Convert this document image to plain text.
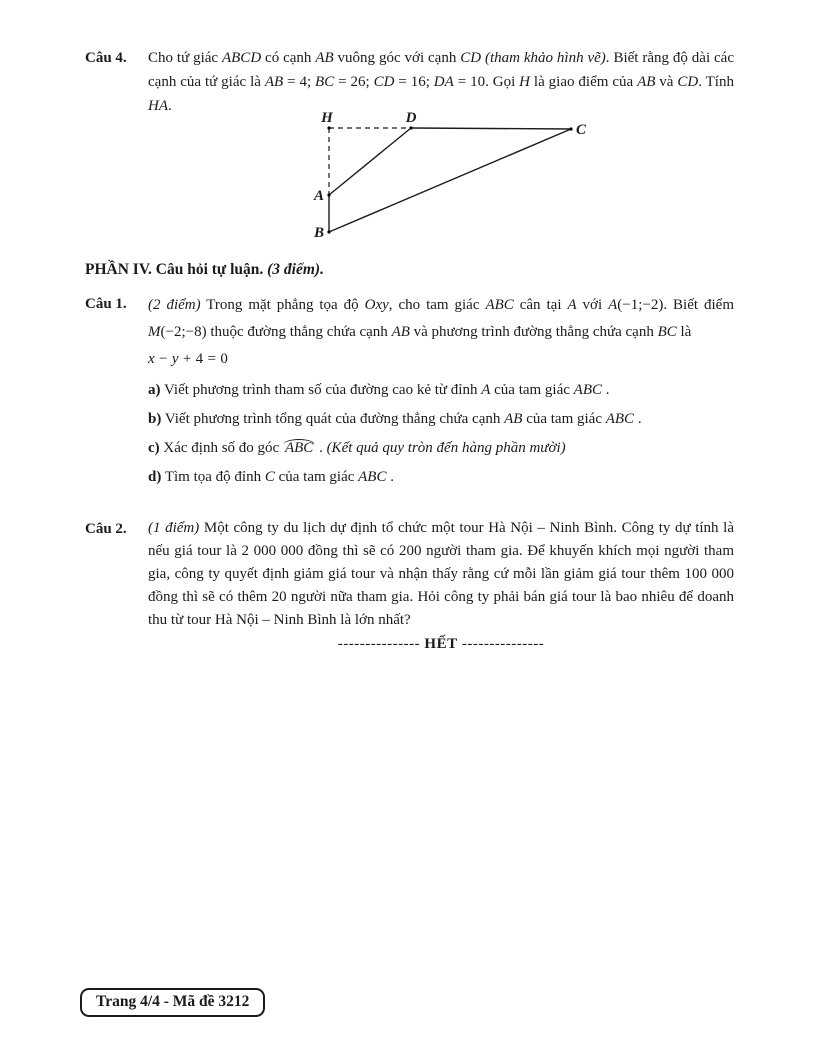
Câu 4.	Cho tứ giác ABCD có cạnh AB vuông góc với cạnh CD (tham khảo hình vẽ). Biết rằng độ dài các cạnh của tứ giác là AB = 4; BC = 26; CD = 16; DA = 10. Gọi H là giao điểm của AB và CD. Tính HA.
H	D
C
A
B
PHẦN IV. Câu hỏi tự luận. (3 điểm).
Câu 1.	(2 điểm) Trong mặt phẳng tọa độ Oxy, cho tam giác ABC cân tại A với A(−1;−2). Biết điểm M(−2;−8) thuộc đường thẳng chứa cạnh AB và phương trình đường thẳng chứa cạnh BC là

x − y + 4 = 0

a) Viết phương trình tham số của đường cao kẻ từ đỉnh A của tam giác ABC .

b) Viết phương trình tổng quát của đường thẳng chứa cạnh AB của tam giác ABC .

c) Xác định số đo góc ABC . (Kết quả quy tròn đến hàng phần mười)

d) Tìm tọa độ đỉnh C của tam giác ABC .

Câu 2.	(1 điểm) Một công ty du lịch dự định tổ chức một tour Hà Nội – Ninh Bình. Công ty dự tính là nếu giá tour là 2 000 000 đồng thì sẽ có 200 người tham gia. Để khuyến khích mọi người tham gia, công ty quyết định giảm giá tour và nhận thấy rằng cứ mỗi lần giảm giá tour thêm 100 000 đồng thì sẽ có thêm 20 người nữa tham gia. Hỏi công ty phải bán giá tour là bao nhiêu để doanh thu từ tour Hà Nội – Ninh Bình là lớn nhất?

--------------- HẾT ---------------

Trang 4/4 - Mã đề 3212
